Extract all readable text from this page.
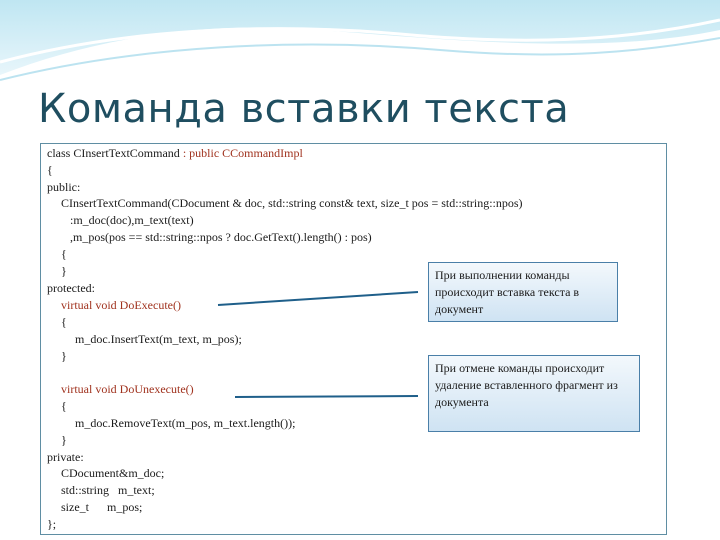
Команда вставки текста
class CInsertTextCommand : public CCommandImpl
{
public:
CInsertTextCommand(CDocument & doc, std::string const& text, size_t pos = std::string::npos)
:m_doc(doc),m_text(text)
,m_pos(pos == std::string::npos ? doc.GetText().length() : pos)
{
}
protected:
virtual void DoExecute()
{
m_doc.InsertText(m_text, m_pos);
}
virtual void DoUnexecute()
{
m_doc.RemoveText(m_pos, m_text.length());
}
private:
CDocument&m_doc;
std::string   m_text;
size_t      m_pos;
};
При выполнении команды происходит вставка текста в документ
При отмене команды происходит удаление вставленного фрагмент из документа
